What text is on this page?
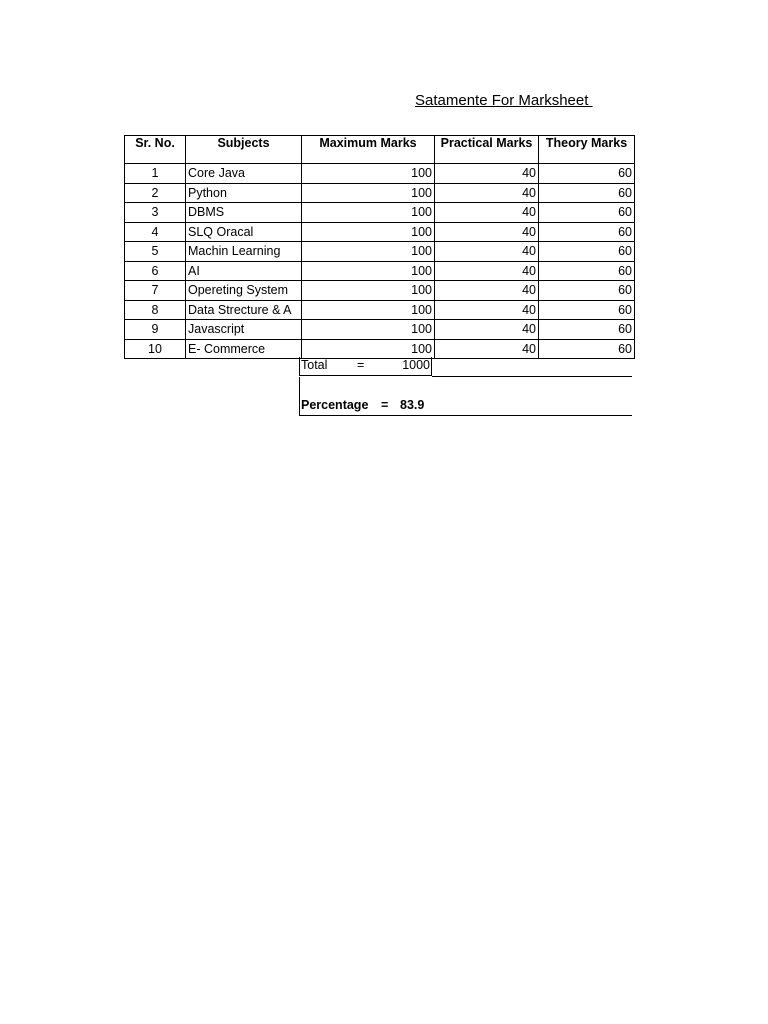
Satamente For Marksheet
Sr. No.	Subjects	Maximum Marks	Practical Marks	Theory Marks
1	Core Java	100	40	60
2	Python	100	40	60
3	DBMS	100	40	60
4	SLQ Oracal	100	40	60
5	Machin Learning	100	40	60
6	AI	100	40	60
7	Opereting System	100	40	60
8	Data Strecture & A	100	40	60
9	Javascript	100	40	60
10	E- Commerce	100	40	60
Total =	1000
Percentage = 83.9
